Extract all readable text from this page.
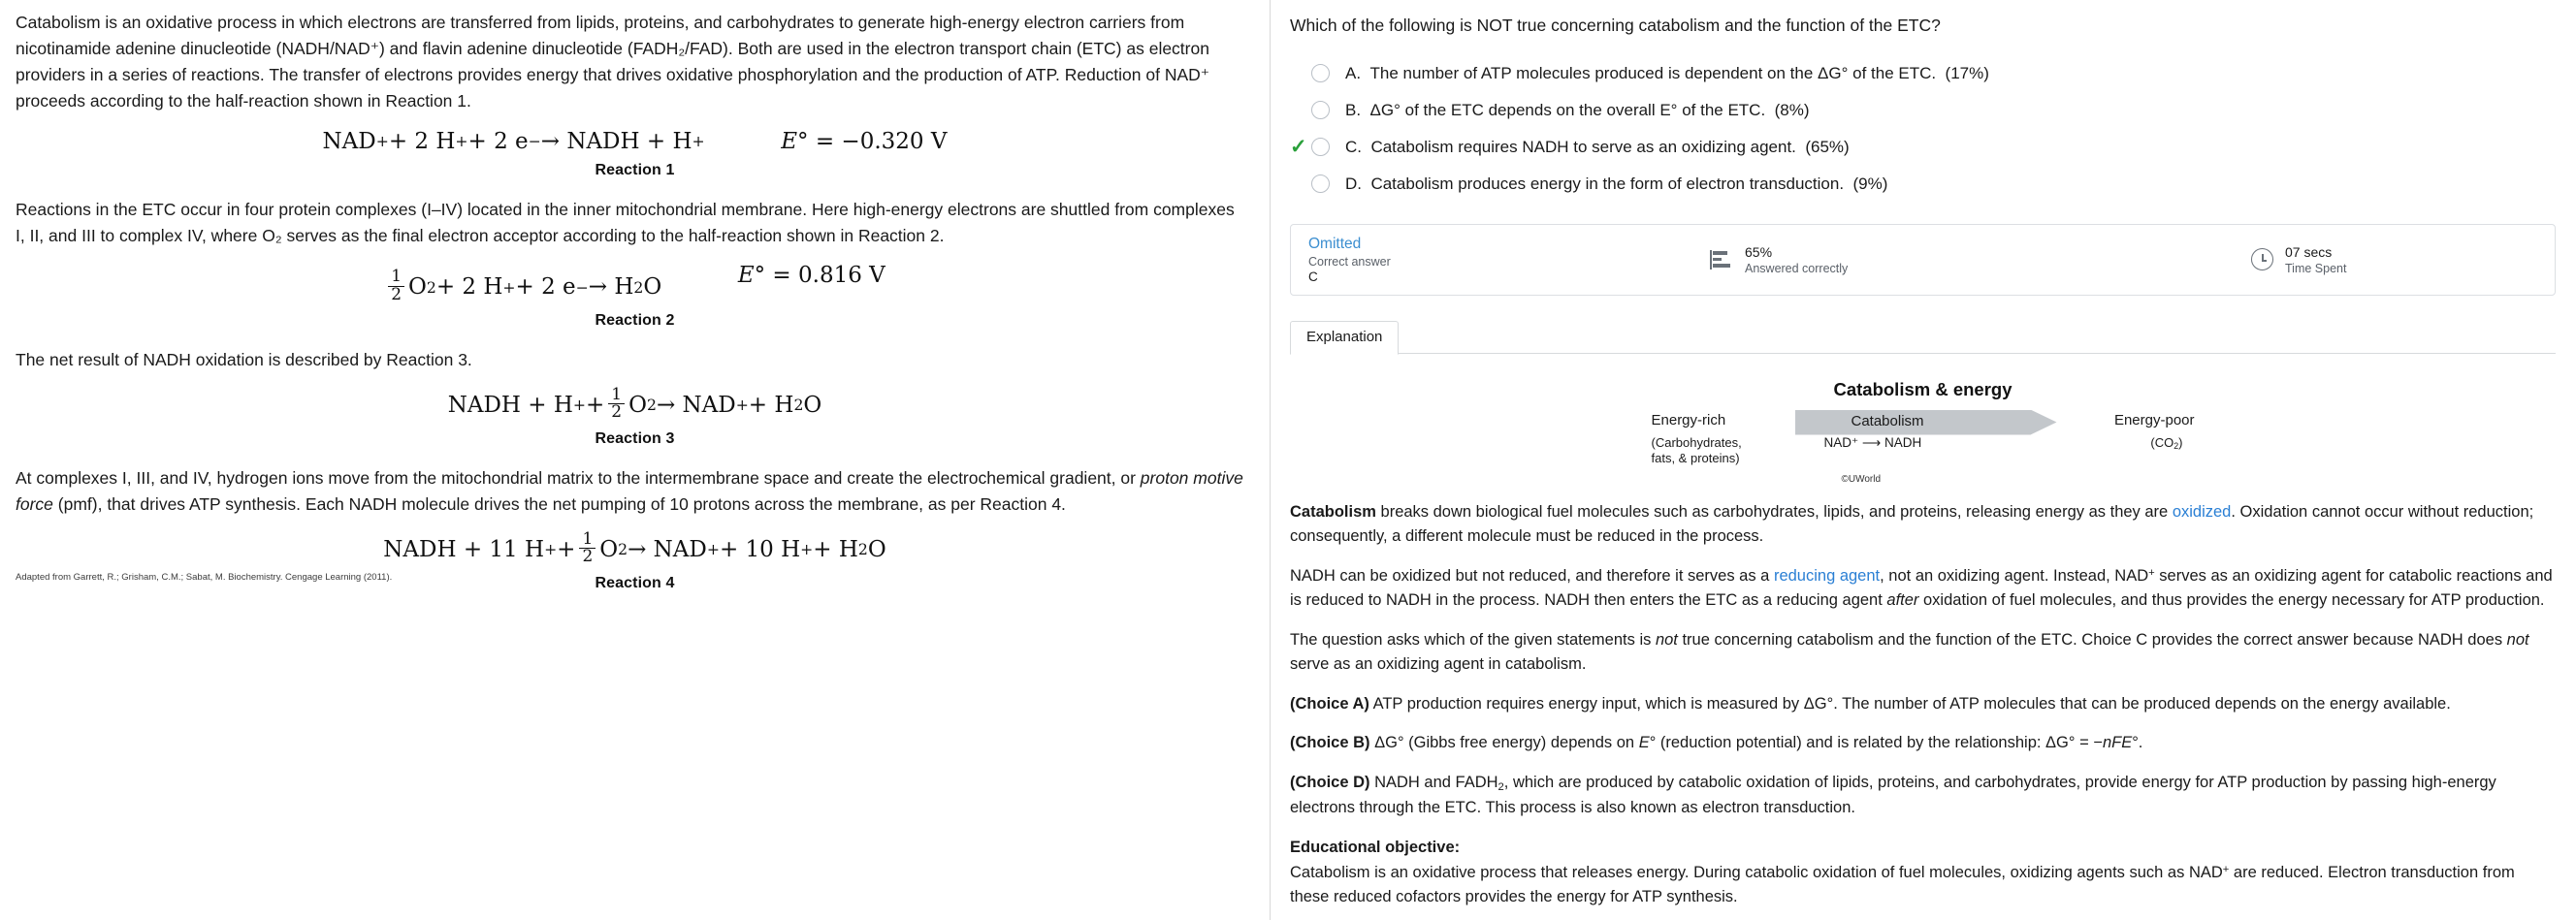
Catabolism is an oxidative process in which electrons are transferred from lipids, proteins, and carbohydrates to generate high-energy electron carriers from nicotinamide adenine dinucleotide (NADH/NAD⁺) and flavin adenine dinucleotide (FADH₂/FAD). Both are used in the electron transport chain (ETC) as electron providers in a series of reactions. The transfer of electrons provides energy that drives oxidative phosphorylation and the production of ATP. Reduction of NAD⁺ proceeds according to the half-reaction shown in Reaction 1.

NAD + + 2 H + + 2 e − → NADH + H +
	E ° = −0.320 V
Reaction 1

Reactions in the ETC occur in four protein complexes (I–IV) located in the inner mitochondrial membrane. Here high-energy electrons are shuttled from complexes I, II, and III to complex IV, where O₂ serves as the final electron acceptor according to the half-reaction shown in Reaction 2.

$\frac{1}{2}$ O 2 + 2 H + + 2 e − → H 2 O	E ° = 0.816 V
Reaction 2

The net result of NADH oxidation is described by Reaction 3.

NADH + H + + $\frac{1}{2}$ O 2 → NAD + + H 2 O
Reaction 3

At complexes I, III, and IV, hydrogen ions move from the mitochondrial matrix to the intermembrane space and create the electrochemical gradient, or proton motive force (pmf), that drives ATP synthesis. Each NADH molecule drives the net pumping of 10 protons across the membrane, as per Reaction 4.

NADH + 11 H + + $\frac{1}{2}$ O 2 → NAD + + 10 H + + H 2 O
Reaction 4
Adapted from Garrett, R.; Grisham, C.M.; Sabat, M. Biochemistry. Cengage Learning (2011).
Which of the following is NOT true concerning catabolism and the function of the ETC?
A. The number of ATP molecules produced is dependent on the ΔG° of the ETC. (17%)
B. ΔG° of the ETC depends on the overall E° of the ETC. (8%)
✓ C. Catabolism requires NADH to serve as an oxidizing agent. (65%)
D. Catabolism produces energy in the form of electron transduction. (9%)
Omitted
Correct answer
C
65%
Answered correctly
07 secs
Time Spent
Explanation
Catabolism & energy
Energy-rich	Catabolism	Energy-poor
(Carbohydrates,
fats, & proteins)
NAD⁺ ⟶ NADH	$(CO_2)$
©UWorld

Catabolism breaks down biological fuel molecules such as carbohydrates, lipids, and proteins, releasing energy as they are oxidized. Oxidation cannot occur without reduction; consequently, a different molecule must be reduced in the process.

NADH can be oxidized but not reduced, and therefore it serves as a reducing agent, not an oxidizing agent. Instead, NAD+ serves as an oxidizing agent for catabolic reactions and is reduced to NADH in the process. NADH then enters the ETC as a reducing agent after oxidation of fuel molecules, and thus provides the energy necessary for ATP production.

The question asks which of the given statements is not true concerning catabolism and the function of the ETC. Choice C provides the correct answer because NADH does not serve as an oxidizing agent in catabolism.

(Choice A) ATP production requires energy input, which is measured by ΔG°. The number of ATP molecules that can be produced depends on the energy available.

(Choice B) ΔG° (Gibbs free energy) depends on E° (reduction potential) and is related by the relationship: ΔG° = −nFE°.

(Choice D) NADH and $FADH_2$, which are produced by catabolic oxidation of lipids, proteins, and carbohydrates, provide energy for ATP production by passing high-energy electrons through the ETC. This process is also known as electron transduction.

Educational objective:

Catabolism is an oxidative process that releases energy. During catabolic oxidation of fuel molecules, oxidizing agents such as NAD+ are reduced. Electron transduction from these reduced cofactors provides the energy for ATP synthesis.
